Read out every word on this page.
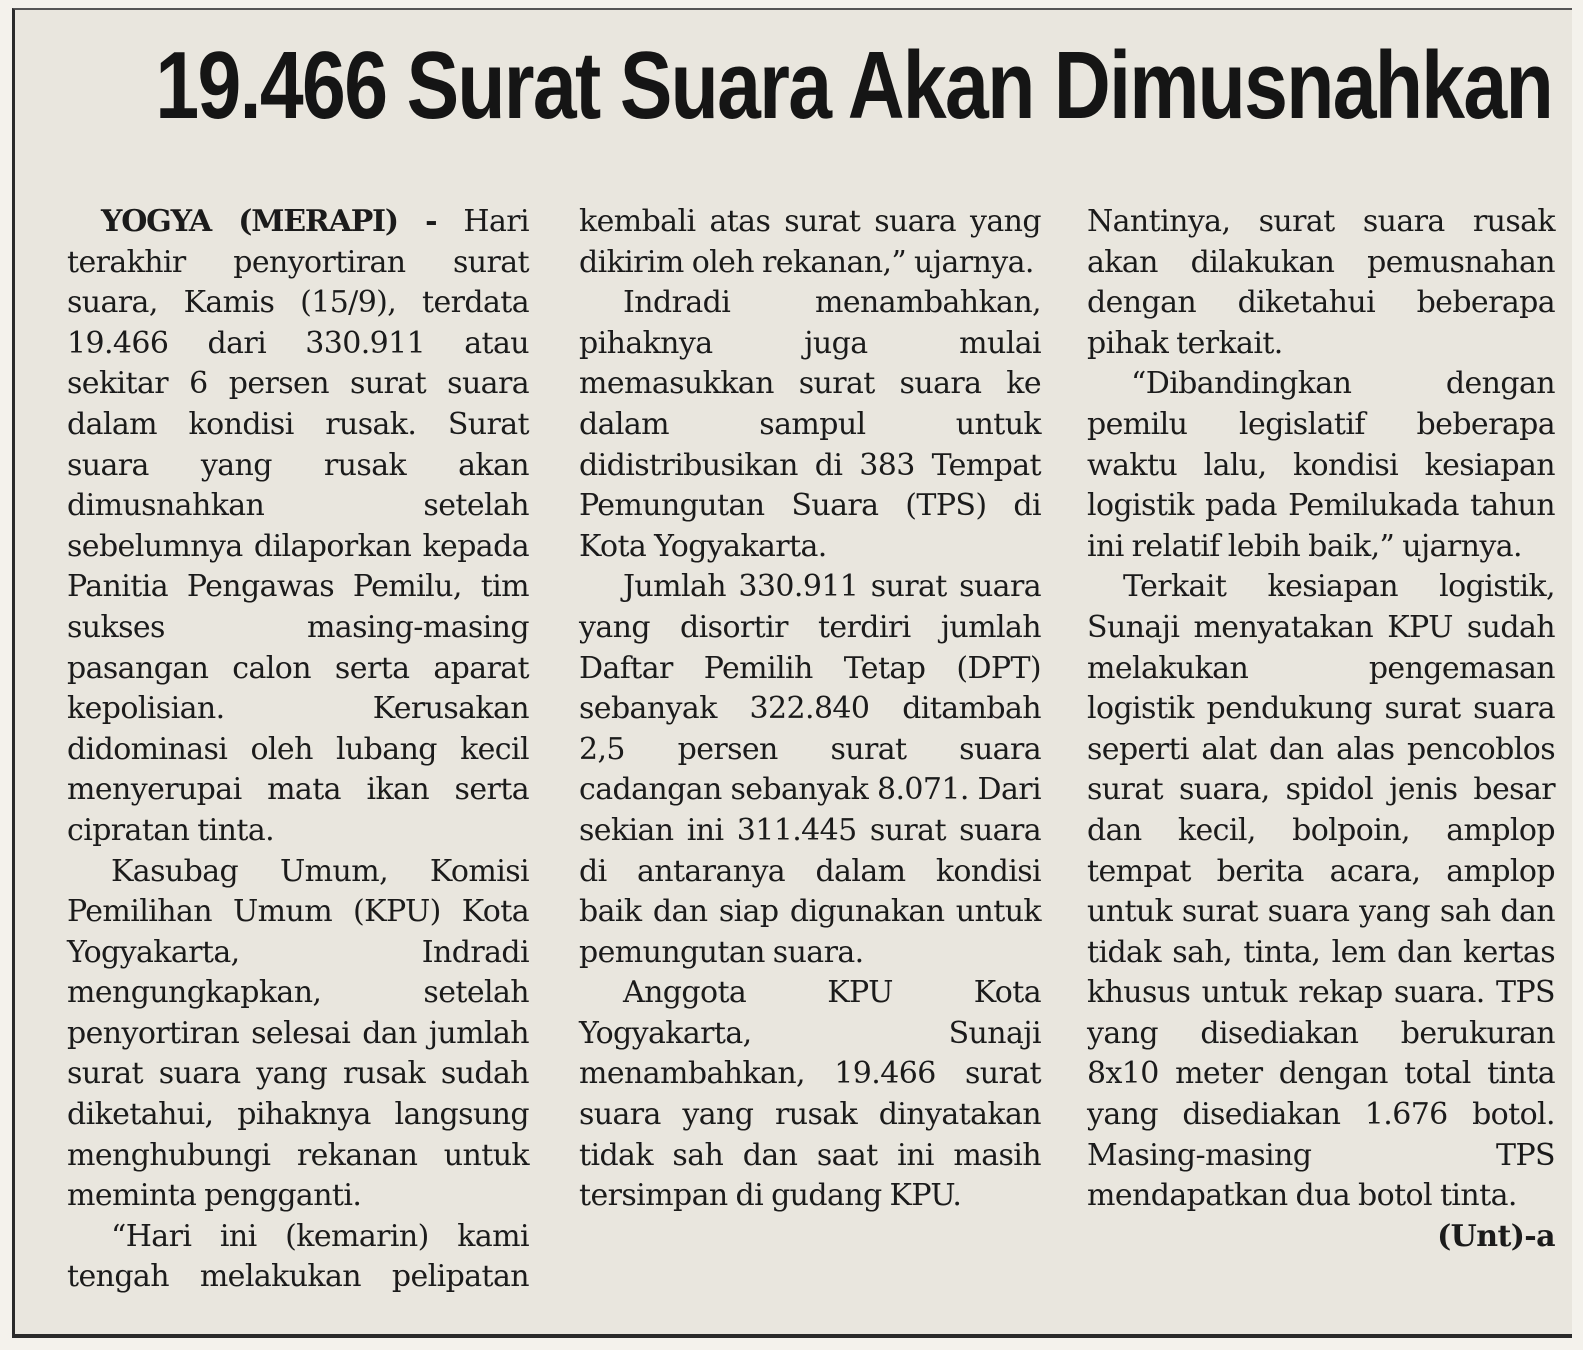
19.466 Surat Suara Akan Dimusnahkan

YOGYA (MERAPI) - Hari terakhir penyortiran surat suara, Kamis (15/9), terdata 19.466 dari 330.911 atau sekitar 6 persen surat suara dalam kondisi rusak. Surat suara yang rusak akan dimusnahkan setelah sebelumnya dilaporkan kepada Panitia Pengawas Pemilu, tim sukses masing-masing pasangan calon serta aparat kepolisian. Kerusakan didominasi oleh lubang kecil menyerupai mata ikan serta cipratan tinta.

Kasubag Umum, Komisi Pemilihan Umum (KPU) Kota Yogyakarta, Indradi mengungkapkan, setelah penyortiran selesai dan jumlah surat suara yang rusak sudah diketahui, pihaknya langsung menghubungi rekanan untuk meminta pengganti.

“Hari ini (kemarin) kami tengah melakukan pelipatan

kembali atas surat suara yang dikirim oleh rekanan,” ujarnya.

Indradi menambahkan, pihaknya juga mulai memasukkan surat suara ke dalam sampul untuk didistribusikan di 383 Tempat Pemungutan Suara (TPS) di Kota Yogyakarta.

Jumlah 330.911 surat suara yang disortir terdiri jumlah Daftar Pemilih Tetap (DPT) sebanyak 322.840 ditambah 2,5 persen surat suara cadangan sebanyak 8.071. Dari sekian ini 311.445 surat suara di antaranya dalam kondisi baik dan siap digunakan untuk pemungutan suara.

Anggota KPU Kota Yogyakarta, Sunaji menambahkan, 19.466 surat suara yang rusak dinyatakan tidak sah dan saat ini masih tersimpan di gudang KPU.

Nantinya, surat suara rusak akan dilakukan pemusnahan dengan diketahui beberapa pihak terkait.

“Dibandingkan dengan pemilu legislatif beberapa waktu lalu, kondisi kesiapan logistik pada Pemilukada tahun ini relatif lebih baik,” ujarnya.

Terkait kesiapan logistik, Sunaji menyatakan KPU sudah melakukan pengemasan logistik pendukung surat suara seperti alat dan alas pencoblos surat suara, spidol jenis besar dan kecil, bolpoin, amplop tempat berita acara, amplop untuk surat suara yang sah dan tidak sah, tinta, lem dan kertas khusus untuk rekap suara. TPS yang disediakan berukuran 8x10 meter dengan total tinta yang disediakan 1.676 botol. Masing-masing TPS mendapatkan dua botol tinta.
(Unt)-a
